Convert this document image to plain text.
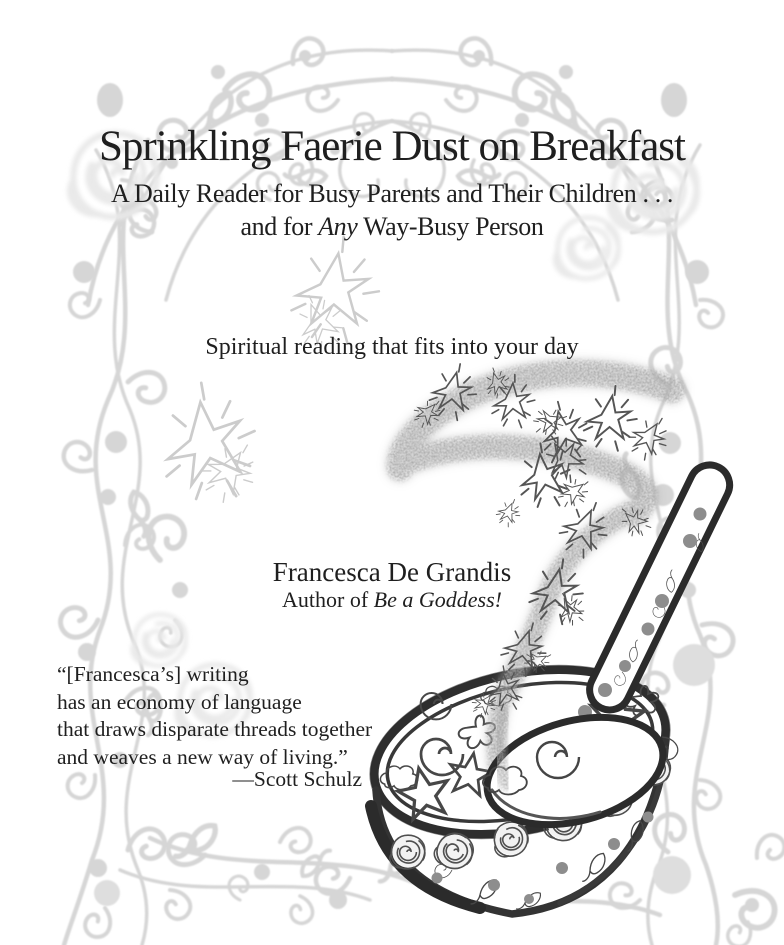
Sprinkling Faerie Dust on Breakfast
A Daily Reader for Busy Parents and Their Children . . .
and for Any Way-Busy Person
Spiritual reading that fits into your day
Francesca De Grandis
Author of Be a Goddess!
“[Francesca’s] writing
has an economy of language
that draws disparate threads together
and weaves a new way of living.”
—Scott Schulz
